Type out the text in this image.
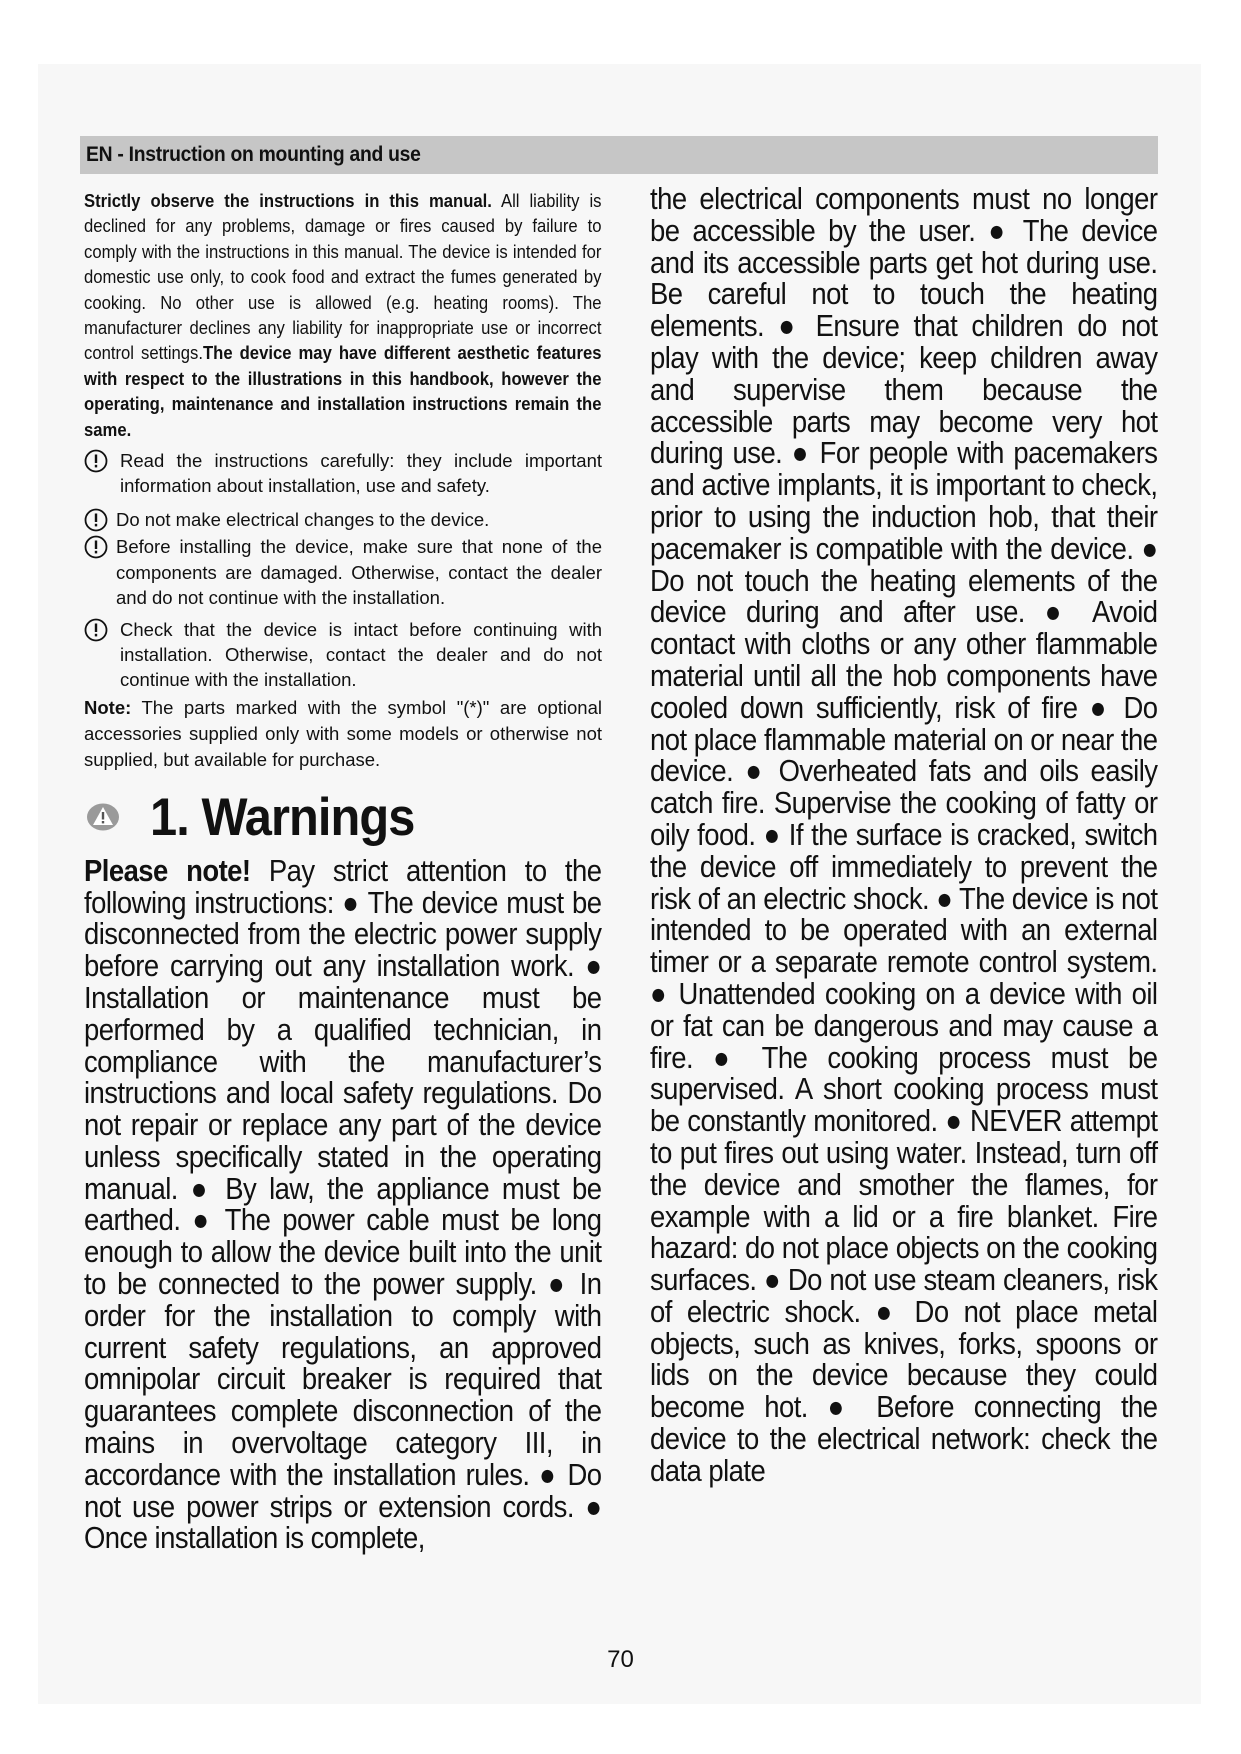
EN - Instruction on mounting and use

Strictly observe the instructions in this manual. All liability is declined for any problems, damage or fires caused by failure to comply with the instructions in this manual. The device is intended for domestic use only, to cook food and extract the fumes generated by cooking. No other use is allowed (e.g. heating rooms). The manufacturer declines any liability for inappropriate use or incorrect control settings.The device may have different aesthetic features with respect to the illustrations in this handbook, however the operating, maintenance and installation instructions remain the same.

Read the instructions carefully: they include important information about installation, use and safety.
Do not make electrical changes to the device.
Before installing the device, make sure that none of the components are damaged. Otherwise, contact the dealer and do not continue with the installation.
Check that the device is intact before continuing with installation. Otherwise, contact the dealer and do not continue with the installation.

Note: The parts marked with the symbol "(*)" are optional accessories supplied only with some models or otherwise not supplied, but available for purchase.

1. Warnings

Please note! Pay strict attention to the following instructions: ● The device must be disconnected from the electric power supply before carrying out any installation work. ● Installation or maintenance must be performed by a qualified technician, in compliance with the manufacturer’s instructions and local safety regulations. Do not repair or replace any part of the device unless specifically stated in the operating manual. ● By law, the appliance must be earthed. ● The power cable must be long enough to allow the device built into the unit to be connected to the power supply. ● In order for the installation to comply with current safety regulations, an approved omnipolar circuit breaker is required that guarantees complete disconnection of the mains in overvoltage category III, in accordance with the installation rules. ● Do not use power strips or extension cords. ● Once installation is complete,

the electrical components must no longer be accessible by the user. ● The device and its accessible parts get hot during use. Be careful not to touch the heating elements. ● Ensure that children do not play with the device; keep children away and supervise them because the accessible parts may become very hot during use. ● For people with pacemakers and active implants, it is important to check, prior to using the induction hob, that their pacemaker is compatible with the device. ● Do not touch the heating elements of the device during and after use. ● Avoid contact with cloths or any other flammable material until all the hob components have cooled down sufficiently, risk of fire ● Do not place flammable material on or near the device. ● Overheated fats and oils easily catch fire. Supervise the cooking of fatty or oily food. ● If the surface is cracked, switch the device off immediately to prevent the risk of an electric shock. ● The device is not intended to be operated with an external timer or a separate remote control system. ● Unattended cooking on a device with oil or fat can be dangerous and may cause a fire. ● The cooking process must be supervised. A short cooking process must be constantly monitored. ● NEVER attempt to put fires out using water. Instead, turn off the device and smother the flames, for example with a lid or a fire blanket. Fire hazard: do not place objects on the cooking surfaces. ● Do not use steam cleaners, risk of electric shock. ● Do not place metal objects, such as knives, forks, spoons or lids on the device because they could become hot. ● Before connecting the device to the electrical network: check the data plate

70
